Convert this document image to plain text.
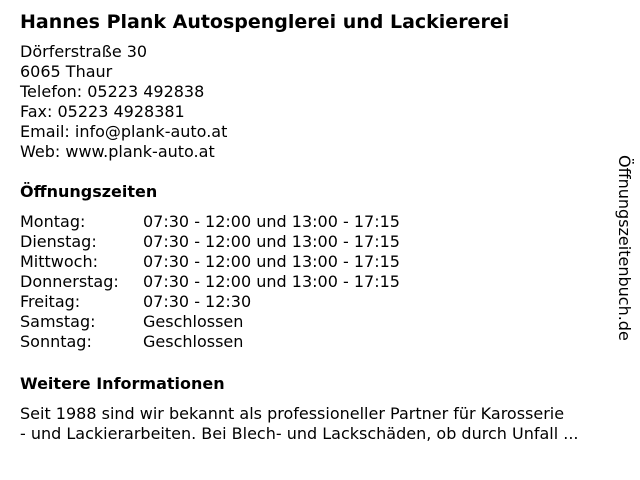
Hannes Plank Autospenglerei und Lackiererei
Dörferstraße 30
6065 Thaur
Telefon: 05223 492838
Fax: 05223 4928381
Email: info@plank-auto.at
Web: www.plank-auto.at
Öffnungszeiten
Montag:	07:30 - 12:00 und 13:00 - 17:15
Dienstag:	07:30 - 12:00 und 13:00 - 17:15
Mittwoch:	07:30 - 12:00 und 13:00 - 17:15
Donnerstag:	07:30 - 12:00 und 13:00 - 17:15
Freitag:	07:30 - 12:30
Samstag:	Geschlossen
Sonntag:	Geschlossen
Weitere Informationen
Seit 1988 sind wir bekannt als professioneller Partner für Karosserie
- und Lackierarbeiten. Bei Blech- und Lackschäden, ob durch Unfall ...
Öffnungszeitenbuch.de
